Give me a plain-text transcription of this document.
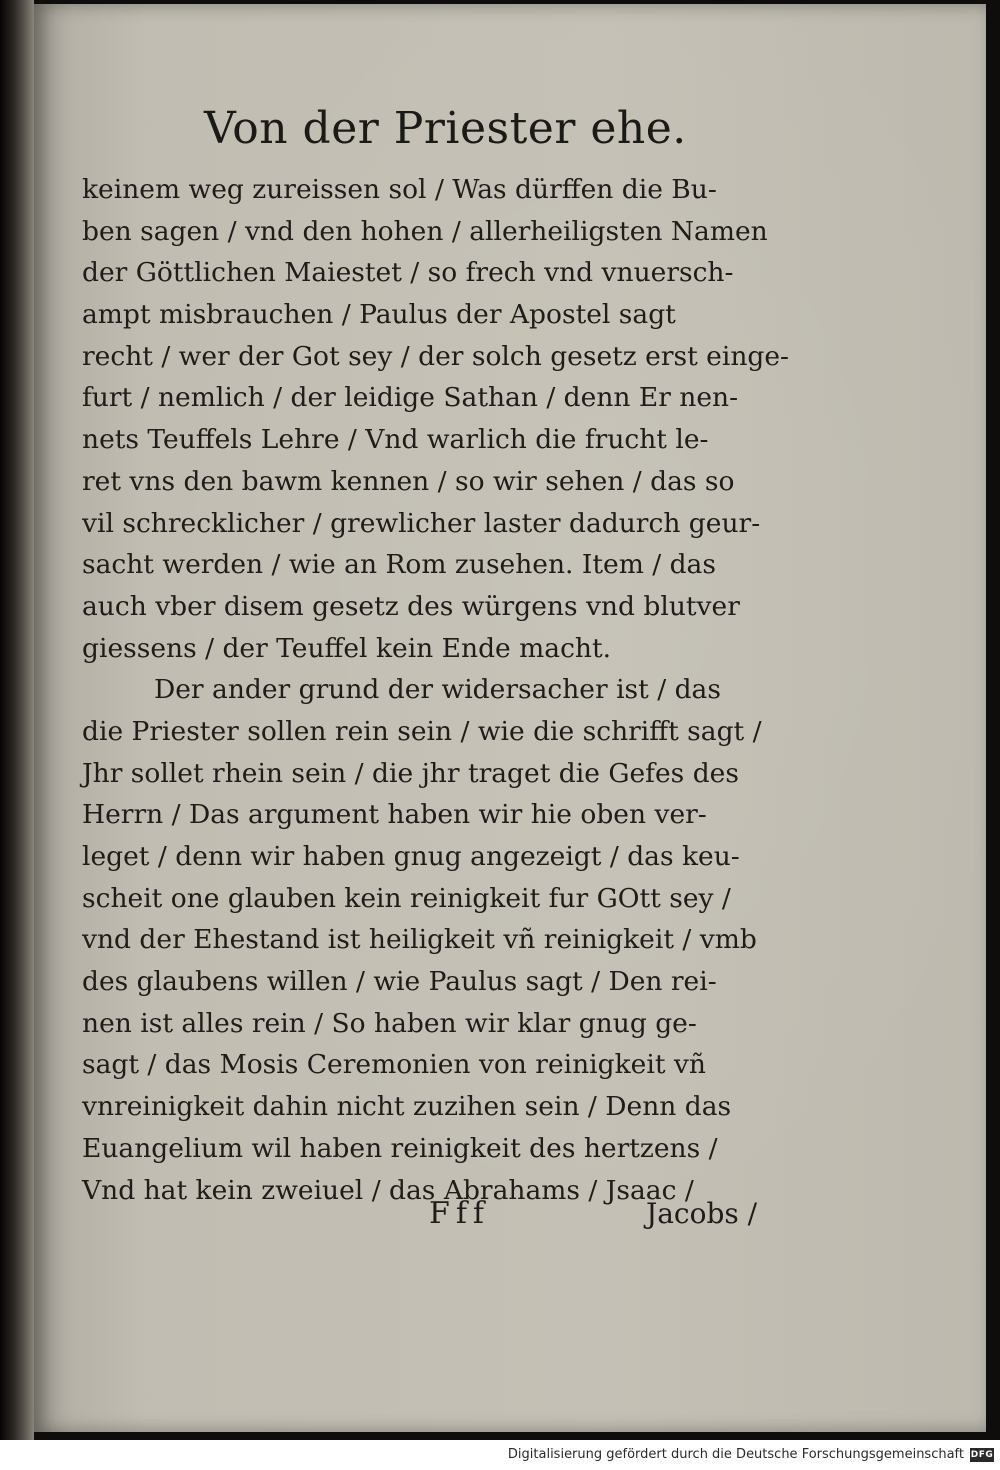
Von der Priester ehe.
keinem weg zureissen sol / Was dürffen die Bu-
ben sagen / vnd den hohen / allerheiligsten Namen
der Göttlichen Maiestet / so frech vnd vnuersch-
ampt misbrauchen / Paulus der Apostel sagt
recht / wer der Got sey / der solch gesetz erst einge-
furt / nemlich / der leidige Sathan / denn Er nen-
nets Teuffels Lehre / Vnd warlich die frucht le-
ret vns den bawm kennen / so wir sehen / das so
vil schrecklicher / grewlicher laster dadurch geur-
sacht werden / wie an Rom zusehen. Item / das
auch vber disem gesetz des würgens vnd blutver
giessens / der Teuffel kein Ende macht.
Der ander grund der widersacher ist / das
die Priester sollen rein sein / wie die schrifft sagt /
Jhr sollet rhein sein / die jhr traget die Gefes des
Herrn / Das argument haben wir hie oben ver-
leget / denn wir haben gnug angezeigt / das keu-
scheit one glauben kein reinigkeit fur GOtt sey /
vnd der Ehestand ist heiligkeit vñ reinigkeit / vmb
des glaubens willen / wie Paulus sagt / Den rei-
nen ist alles rein / So haben wir klar gnug ge-
sagt / das Mosis Ceremonien von reinigkeit vñ
vnreinigkeit dahin nicht zuzihen sein / Denn das
Euangelium wil haben reinigkeit des hertzens /
Vnd hat kein zweiuel / das Abrahams / Jsaac /
Fff	Jacobs /
Digitalisierung gefördert durch die Deutsche Forschungsgemeinschaft DFG
